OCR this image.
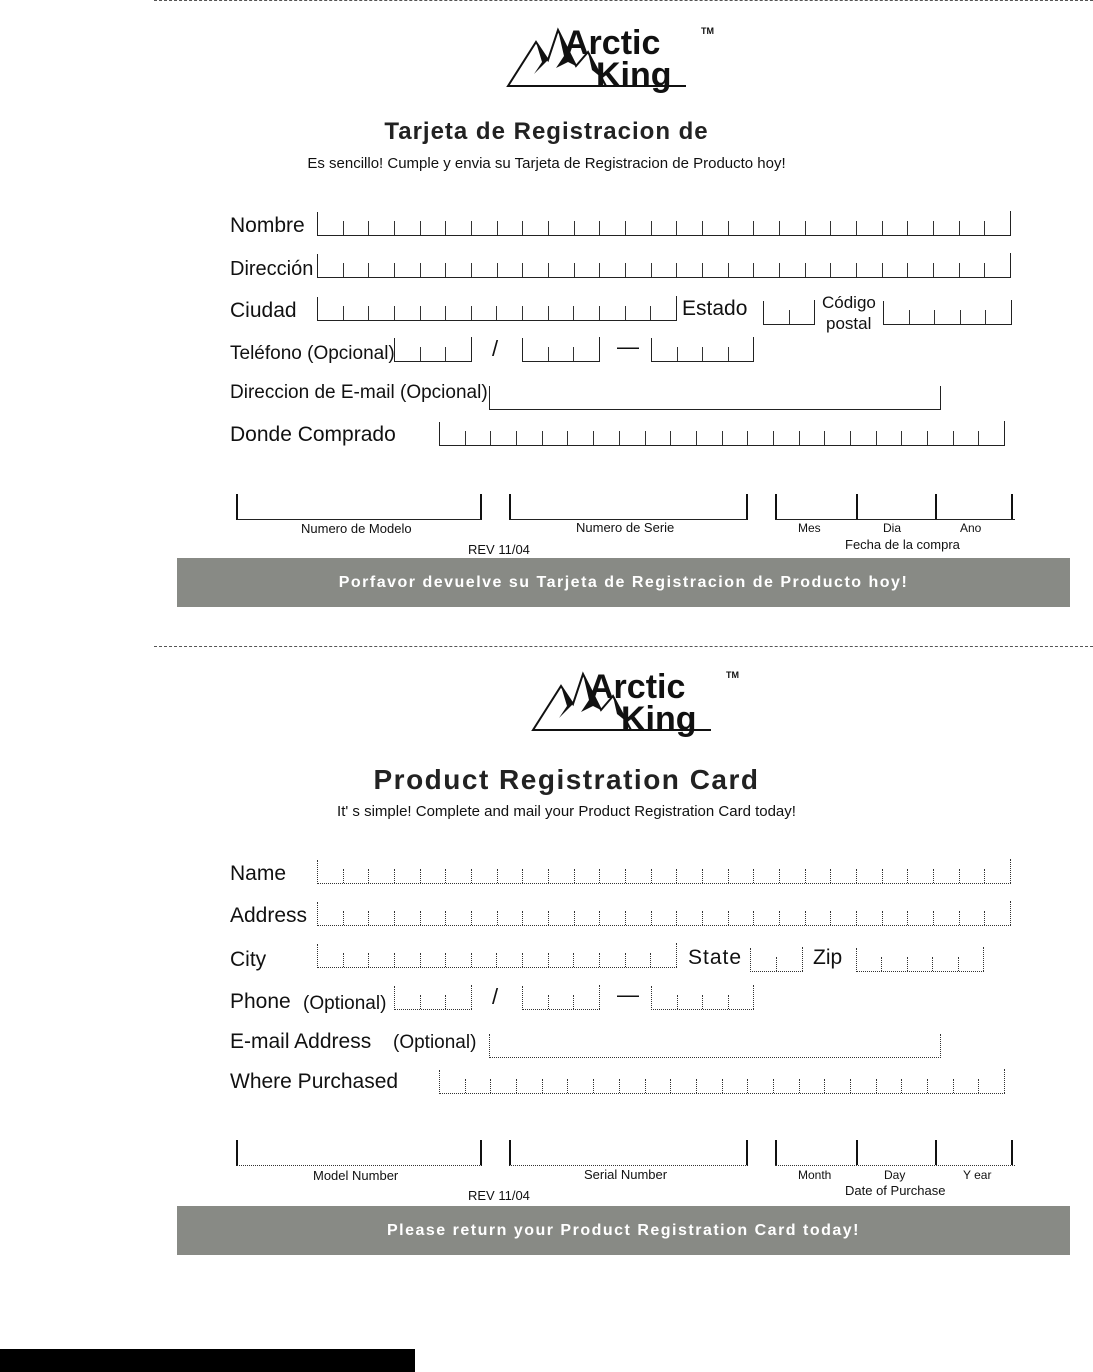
Arctic
King
TM
Tarjeta de Registracion de
Es sencillo! Cumple y envia su Tarjeta de Registracion de Producto hoy!
Nombre
Dirección
Ciudad	Estado	Código
postal
Teléfono (Opcional)	/	—
Direccion de E-mail (Opcional)
Donde Comprado
Numero de Modelo	Numero de Serie	Mes	Dia	Ano
Fecha de la compra
REV 11/04
Porfavor devuelve su Tarjeta de Registracion de Producto hoy!
Arctic
King
TM
Product Registration Card
It' s simple! Complete and mail your Product Registration Card today!
Name
Address
City	State	Zip
Phone (Optional)	/	—
E-mail Address (Optional)
Where Purchased
Model Number	Serial Number	Month	Day	Y ear
Date of Purchase
REV 11/04
Please return your Product Registration Card today!
